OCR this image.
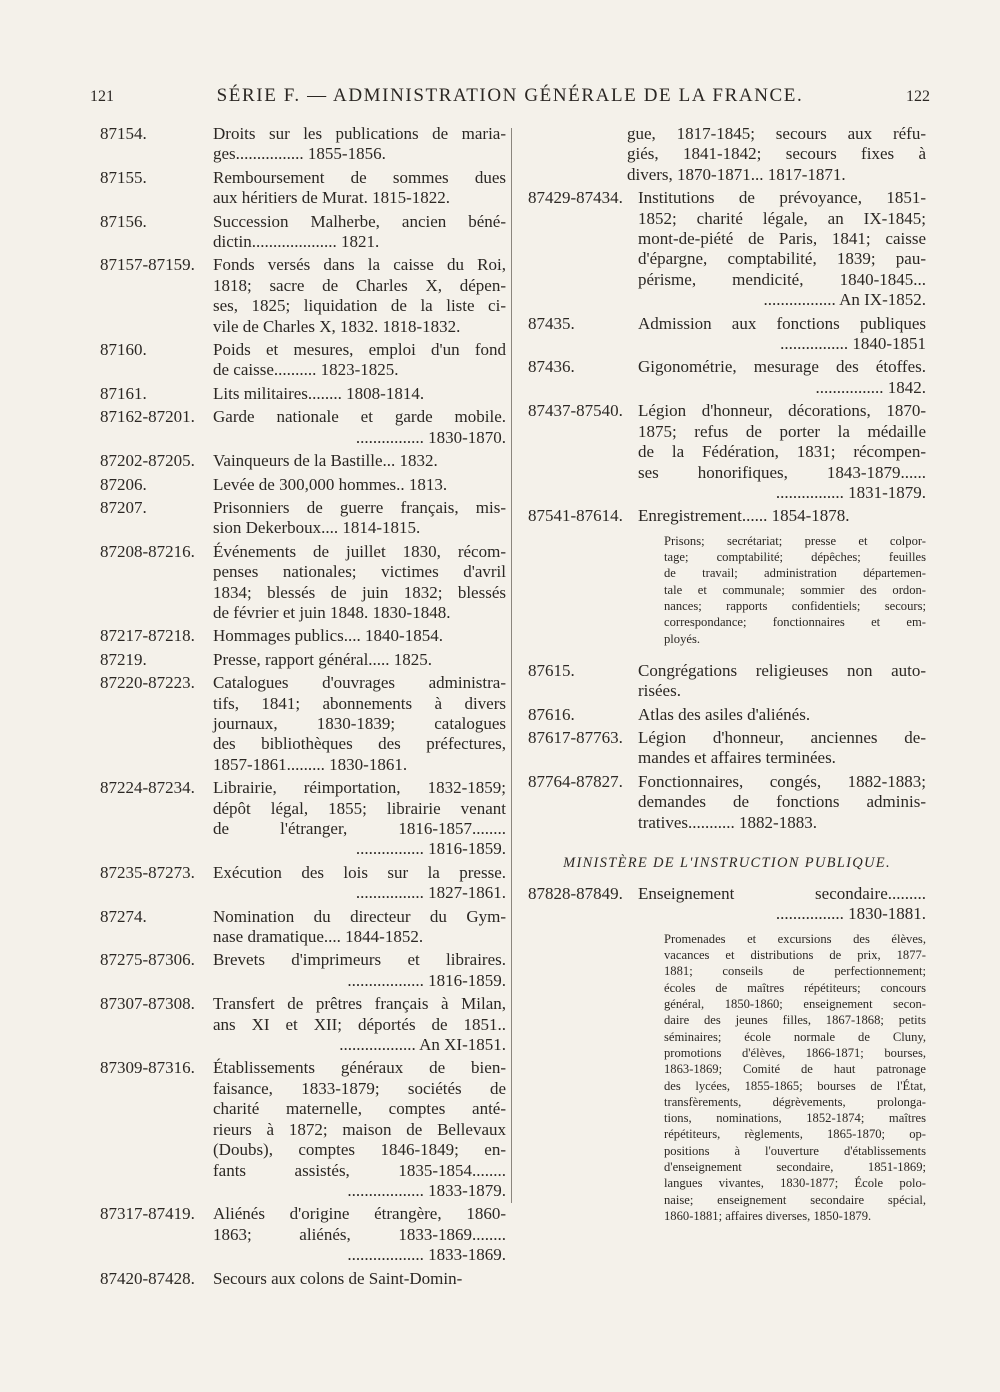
121	SÉRIE F. — ADMINISTRATION GÉNÉRALE DE LA FRANCE.	122
87154.	Droits sur les publications de maria-
ges................ 1855-1856.
87155.	Remboursement de sommes dues
aux héritiers de Murat. 1815-1822.
87156.	Succession Malherbe, ancien béné-
dictin.................... 1821.
87157-87159.	Fonds versés dans la caisse du Roi,
1818; sacre de Charles X, dépen-
ses, 1825; liquidation de la liste ci-
vile de Charles X, 1832. 1818-1832.
87160.	Poids et mesures, emploi d'un fond
de caisse.......... 1823-1825.
87161.	Lits militaires........ 1808-1814.
87162-87201.	Garde nationale et garde mobile.
................ 1830-1870.
87202-87205.	Vainqueurs de la Bastille... 1832.
87206.	Levée de 300,000 hommes.. 1813.
87207.	Prisonniers de guerre français, mis-
sion Dekerboux.... 1814-1815.
87208-87216.	Événements de juillet 1830, récom-
penses nationales; victimes d'avril
1834; blessés de juin 1832; blessés
de février et juin 1848. 1830-1848.
87217-87218.	Hommages publics.... 1840-1854.
87219.	Presse, rapport général..... 1825.
87220-87223.	Catalogues d'ouvrages administra-
tifs, 1841; abonnements à divers
journaux, 1830-1839; catalogues
des bibliothèques des préfectures,
1857-1861......... 1830-1861.
87224-87234.	Librairie, réimportation, 1832-1859;
dépôt légal, 1855; librairie venant
de l'étranger, 1816-1857........
................ 1816-1859.
87235-87273.	Exécution des lois sur la presse.
................ 1827-1861.
87274.	Nomination du directeur du Gym-
nase dramatique.... 1844-1852.
87275-87306.	Brevets d'imprimeurs et libraires.
.................. 1816-1859.
87307-87308.	Transfert de prêtres français à Milan,
ans XI et XII; déportés de 1851..
.................. An XI-1851.
87309-87316.	Établissements généraux de bien-
faisance, 1833-1879; sociétés de
charité maternelle, comptes anté-
rieurs à 1872; maison de Bellevaux
(Doubs), comptes 1846-1849; en-
fants assistés, 1835-1854........
.................. 1833-1879.
87317-87419.	Aliénés d'origine étrangère, 1860-
1863; aliénés, 1833-1869........
.................. 1833-1869.
87420-87428.	Secours aux colons de Saint-Domin-
gue, 1817-1845; secours aux réfu-
giés, 1841-1842; secours fixes à
divers, 1870-1871... 1817-1871.
87429-87434. Institutions de prévoyance, 1851-
1852; charité légale, an IX-1845;
mont-de-piété de Paris, 1841; caisse
d'épargne, comptabilité, 1839; pau-
périsme, mendicité, 1840-1845...
................. An IX-1852.
87435.	Admission aux fonctions publiques
................ 1840-1851
87436.	Gigonométrie, mesurage des étoffes.
................ 1842.
87437-87540. Légion d'honneur, décorations, 1870-
1875; refus de porter la médaille
de la Fédération, 1831; récompen-
ses honorifiques, 1843-1879......
................ 1831-1879.
87541-87614. Enregistrement...... 1854-1878.
Prisons; secrétariat; presse et colpor-
tage; comptabilité; dépêches; feuilles
de travail; administration départemen-
tale et communale; sommier des ordon-
nances; rapports confidentiels; secours;
correspondance; fonctionnaires et em-
ployés.
87615.	Congrégations religieuses non auto-
risées.
87616.	Atlas des asiles d'aliénés.
87617-87763. Légion d'honneur, anciennes de-
mandes et affaires terminées.
87764-87827. Fonctionnaires, congés, 1882-1883;
demandes de fonctions adminis-
tratives........... 1882-1883.
MINISTÈRE DE L'INSTRUCTION PUBLIQUE.
87828-87849. Enseignement secondaire.........
................ 1830-1881.
Promenades et excursions des élèves,
vacances et distributions de prix, 1877-
1881; conseils de perfectionnement;
écoles de maîtres répétiteurs; concours
général, 1850-1860; enseignement secon-
daire des jeunes filles, 1867-1868; petits
séminaires; école normale de Cluny,
promotions d'élèves, 1866-1871; bourses,
1863-1869; Comité de haut patronage
des lycées, 1855-1865; bourses de l'État,
transfèrements, dégrèvements, prolonga-
tions, nominations, 1852-1874; maîtres
répétiteurs, règlements, 1865-1870; op-
positions à l'ouverture d'établissements
d'enseignement secondaire, 1851-1869;
langues vivantes, 1830-1877; École polo-
naise; enseignement secondaire spécial,
1860-1881; affaires diverses, 1850-1879.
